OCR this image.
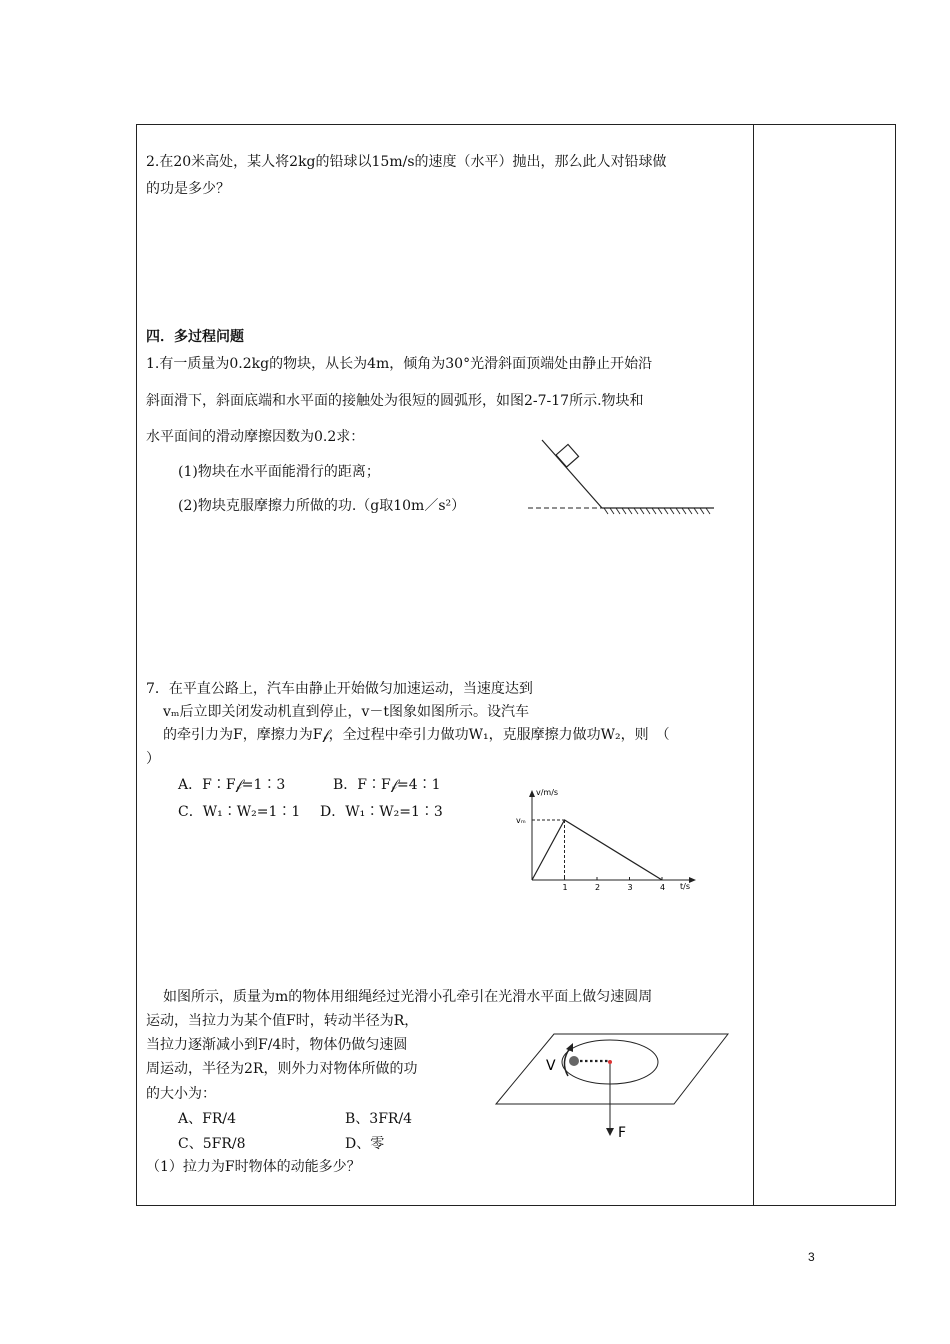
2.在20米高处，某人将2kg的铅球以15m/s的速度（水平）抛出，那么此人对铅球做
的功是多少？
四．多过程问题
1.有一质量为0.2kg的物块，从长为4m，倾角为30°光滑斜面顶端处由静止开始沿
斜面滑下，斜面底端和水平面的接触处为很短的圆弧形，如图2-7-17所示.物块和
水平面间的滑动摩擦因数为0.2求：
(1)物块在水平面能滑行的距离；
(2)物块克服摩擦力所做的功.（g取10m／s²）
7．在平直公路上，汽车由静止开始做匀加速运动，当速度达到
vₘ后立即关闭发动机直到停止，v－t图象如图所示。设汽车
的牵引力为F，摩擦力为F𝒻，全过程中牵引力做功W₁，克服摩擦力做功W₂，则　（
）
A．F∶F𝒻=1∶3	B．F∶F𝒻=4∶1
C．W₁∶W₂=1∶1 D．W₁∶W₂=1∶3
v/m/s
t/s
1	2	3	4
vₘ
如图所示，质量为m的物体用细绳经过光滑小孔牵引在光滑水平面上做匀速圆周
运动，当拉力为某个值F时，转动半径为R，
当拉力逐渐减小到F/4时，物体仍做匀速圆
周运动，半径为2R，则外力对物体所做的功
的大小为：
A、FR/4	B、3FR/4
C、5FR/8	D、零
（1）拉力为F时物体的动能多少？
V
F
3
